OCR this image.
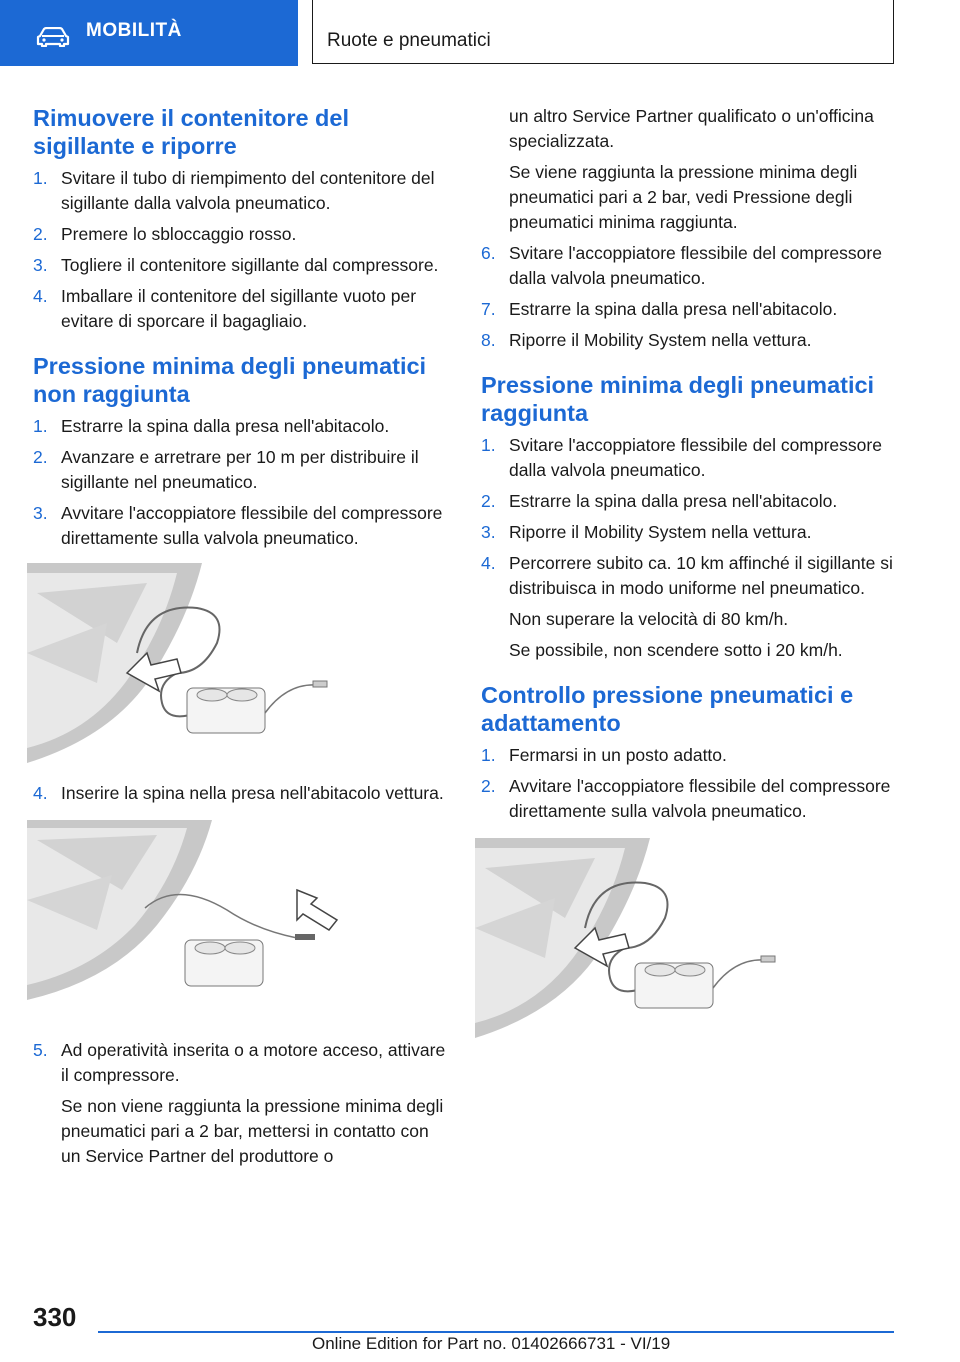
MOBILITÀ	Ruote e pneumatici
Rimuovere il contenitore del sigillante e riporre
1. Svitare il tubo di riempimento del contenitore del sigillante dalla valvola pneumatico.
2. Premere lo sbloccaggio rosso.
3. Togliere il contenitore sigillante dal compressore.
4. Imballare il contenitore del sigillante vuoto per evitare di sporcare il bagagliaio.
Pressione minima degli pneumatici non raggiunta
1. Estrarre la spina dalla presa nell'abitacolo.
2. Avanzare e arretrare per 10 m per distribuire il sigillante nel pneumatico.
3. Avvitare l'accoppiatore flessibile del compressore direttamente sulla valvola pneumatico.
4. Inserire la spina nella presa nell'abitacolo vettura.
5. Ad operatività inserita o a motore acceso, attivare il compressore.
Se non viene raggiunta la pressione minima degli pneumatici pari a 2 bar, mettersi in contatto con un Service Partner del produttore o
un altro Service Partner qualificato o un'officina specializzata.
Se viene raggiunta la pressione minima degli pneumatici pari a 2 bar, vedi Pressione degli pneumatici minima raggiunta.
6. Svitare l'accoppiatore flessibile del compressore dalla valvola pneumatico.
7. Estrarre la spina dalla presa nell'abitacolo.
8. Riporre il Mobility System nella vettura.
Pressione minima degli pneumatici raggiunta
1. Svitare l'accoppiatore flessibile del compressore dalla valvola pneumatico.
2. Estrarre la spina dalla presa nell'abitacolo.
3. Riporre il Mobility System nella vettura.
4. Percorrere subito ca. 10 km affinché il sigillante si distribuisca in modo uniforme nel pneumatico.
Non superare la velocità di 80 km/h.
Se possibile, non scendere sotto i 20 km/h.
Controllo pressione pneumatici e adattamento
1. Fermarsi in un posto adatto.
2. Avvitare l'accoppiatore flessibile del compressore direttamente sulla valvola pneumatico.
330
Online Edition for Part no. 01402666731 - VI/19
